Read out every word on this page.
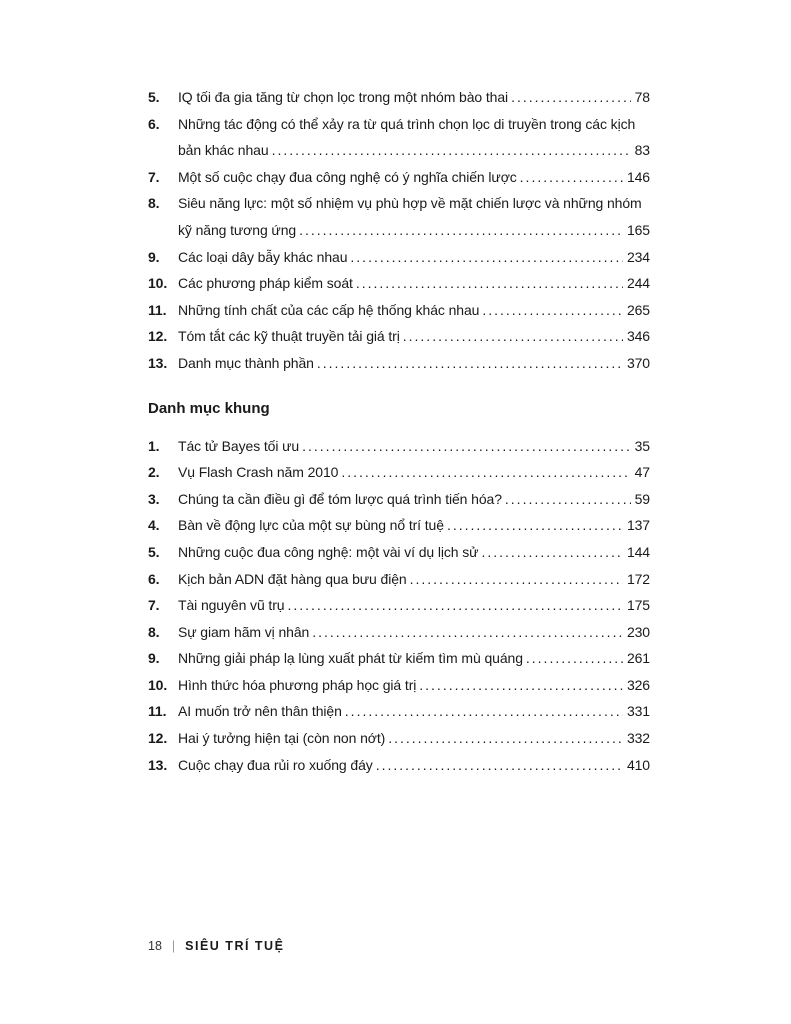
5.	IQ tối đa gia tăng từ chọn lọc trong một nhóm bào thai .....	78
6.	Những tác động có thể xảy ra từ quá trình chọn lọc di truyền trong các kịch
bản khác nhau .....	83
7.	Một số cuộc chạy đua công nghệ có ý nghĩa chiến lược .....	146
8.	Siêu năng lực: một số nhiệm vụ phù hợp về mặt chiến lược và những nhóm
kỹ năng tương ứng .....	165
9.	Các loại dây bẫy khác nhau .....	234
10. Các phương pháp kiểm soát .....	244
11. Những tính chất của các cấp hệ thống khác nhau .....	265
12. Tóm tắt các kỹ thuật truyền tải giá trị .....	346
13. Danh mục thành phần .....	370
Danh mục khung
1.	Tác tử Bayes tối ưu .....	35
2.	Vụ Flash Crash năm 2010 .....	47
3.	Chúng ta cần điều gì để tóm lược quá trình tiến hóa? .....	59
4.	Bàn về động lực của một sự bùng nổ trí tuệ .....	137
5.	Những cuộc đua công nghệ: một vài ví dụ lịch sử .....	144
6.	Kịch bản ADN đặt hàng qua bưu điện .....	172
7.	Tài nguyên vũ trụ .....	175
8.	Sự giam hãm vị nhân .....	230
9.	Những giải pháp lạ lùng xuất phát từ kiếm tìm mù quáng .....	261
10. Hình thức hóa phương pháp học giá trị .....	326
11. AI muốn trở nên thân thiện .....	331
12. Hai ý tưởng hiện tại (còn non nớt) .....	332
13. Cuộc chạy đua rủi ro xuống đáy .....	410
18 | SIÊU TRÍ TUỆ
